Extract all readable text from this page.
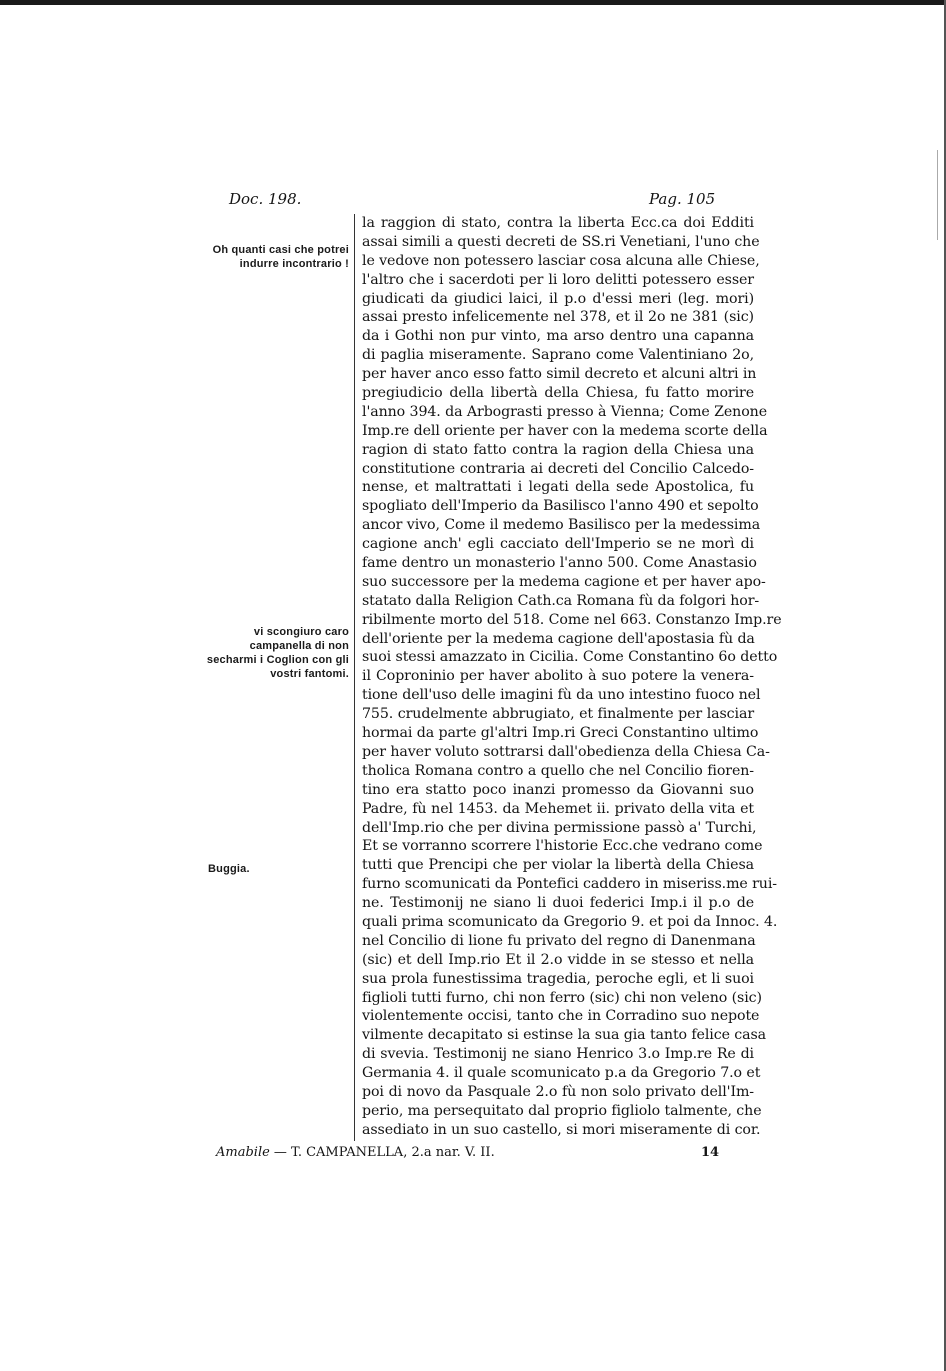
Doc. 198.	Pag. 105
Oh quanti casi che potrei indurre incontrario !
vi scongiuro caro campanella di non secharmi i Coglion con gli vostri fantomi.
Buggia.
la raggion di stato, contra la liberta Ecc.ca doi Edditi
assai simili a questi decreti de SS.ri Venetiani, l'uno che
le vedove non potessero lasciar cosa alcuna alle Chiese,
l'altro che i sacerdoti per li loro delitti potessero esser
giudicati da giudici laici, il p.o d'essi meri (leg. mori)
assai presto infelicemente nel 378, et il 2o ne 381 (sic)
da i Gothi non pur vinto, ma arso dentro una capanna
di paglia miseramente. Saprano come Valentiniano 2o,
per haver anco esso fatto simil decreto et alcuni altri in
pregiudicio della libertà della Chiesa, fu fatto morire
l'anno 394. da Arbograsti presso à Vienna; Come Zenone
Imp.re dell oriente per haver con la medema scorte della
ragion di stato fatto contra la ragion della Chiesa una
constitutione contraria ai decreti del Concilio Calcedo-
nense, et maltrattati i legati della sede Apostolica, fu
spogliato dell'Imperio da Basilisco l'anno 490 et sepolto
ancor vivo, Come il medemo Basilisco per la medessima
cagione anch' egli cacciato dell'Imperio se ne morì di
fame dentro un monasterio l'anno 500. Come Anastasio
suo successore per la medema cagione et per haver apo-
statato dalla Religion Cath.ca Romana fù da folgori hor-
ribilmente morto del 518. Come nel 663. Constanzo Imp.re
dell'oriente per la medema cagione dell'apostasia fù da
suoi stessi amazzato in Cicilia. Come Constantino 6o detto
il Coproninio per haver abolito à suo potere la venera-
tione dell'uso delle imagini fù da uno intestino fuoco nel
755. crudelmente abbrugiato, et finalmente per lasciar
hormai da parte gl'altri Imp.ri Greci Constantino ultimo
per haver voluto sottrarsi dall'obedienza della Chiesa Ca-
tholica Romana contro a quello che nel Concilio fioren-
tino era statto poco inanzi promesso da Giovanni suo
Padre, fù nel 1453. da Mehemet ii. privato della vita et
dell'Imp.rio che per divina permissione passò a' Turchi,
Et se vorranno scorrere l'historie Ecc.che vedrano come
tutti que Prencipi che per violar la libertà della Chiesa
furno scomunicati da Pontefici caddero in miseriss.me rui-
ne. Testimonij ne siano li duoi federici Imp.i il p.o de
quali prima scomunicato da Gregorio 9. et poi da Innoc. 4.
nel Concilio di lione fu privato del regno di Danenmana
(sic) et dell Imp.rio Et il 2.o vidde in se stesso et nella
sua prola funestissima tragedia, peroche egli, et li suoi
figlioli tutti furno, chi non ferro (sic) chi non veleno (sic)
violentemente occisi, tanto che in Corradino suo nepote
vilmente decapitato si estinse la sua gia tanto felice casa
di svevia. Testimonij ne siano Henrico 3.o Imp.re Re di
Germania 4. il quale scomunicato p.a da Gregorio 7.o et
poi di novo da Pasquale 2.o fù non solo privato dell'Im-
perio, ma persequitato dal proprio figliolo talmente, che
assediato in un suo castello, si mori miseramente di cor.
Amabile — T. CAMPANELLA, 2.a nar. V. II.	14
